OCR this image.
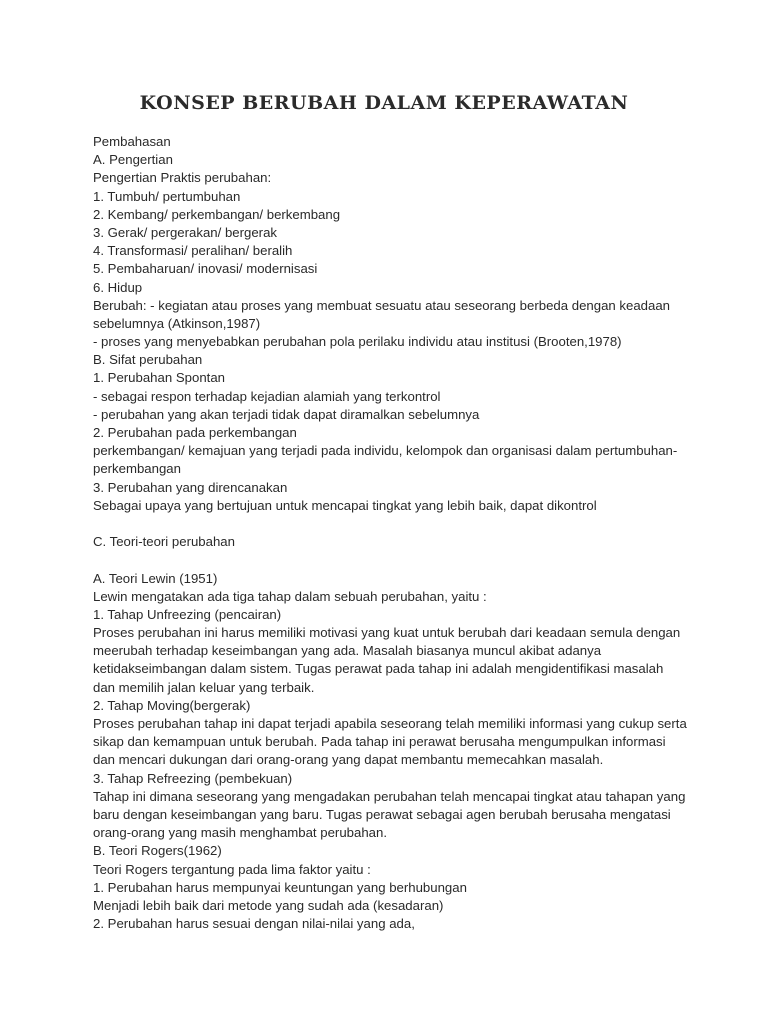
KONSEP BERUBAH DALAM KEPERAWATAN
Pembahasan
A. Pengertian
Pengertian Praktis perubahan:
1. Tumbuh/ pertumbuhan
2. Kembang/ perkembangan/ berkembang
3. Gerak/ pergerakan/ bergerak
4. Transformasi/ peralihan/ beralih
5. Pembaharuan/ inovasi/ modernisasi
6. Hidup
Berubah: - kegiatan atau proses yang membuat sesuatu atau seseorang berbeda dengan keadaan
sebelumnya (Atkinson,1987)
- proses yang menyebabkan perubahan pola perilaku individu atau institusi (Brooten,1978)
B. Sifat perubahan
1. Perubahan Spontan
- sebagai respon terhadap kejadian alamiah yang terkontrol
- perubahan yang akan terjadi tidak dapat diramalkan sebelumnya
2. Perubahan pada perkembangan
perkembangan/ kemajuan yang terjadi pada individu, kelompok dan organisasi dalam pertumbuhan-
perkembangan
3. Perubahan yang direncanakan
Sebagai upaya yang bertujuan untuk mencapai tingkat yang lebih baik, dapat dikontrol
C. Teori-teori perubahan
A. Teori Lewin (1951)
Lewin mengatakan ada tiga tahap dalam sebuah perubahan, yaitu :
1. Tahap Unfreezing (pencairan)
Proses perubahan ini harus memiliki motivasi yang kuat untuk berubah dari keadaan semula dengan
meerubah terhadap keseimbangan yang ada. Masalah biasanya muncul akibat adanya
ketidakseimbangan dalam sistem. Tugas perawat pada tahap ini adalah mengidentifikasi masalah
dan memilih jalan keluar yang terbaik.
2. Tahap Moving(bergerak)
Proses perubahan tahap ini dapat terjadi apabila seseorang telah memiliki informasi yang cukup serta
sikap dan kemampuan untuk berubah. Pada tahap ini perawat berusaha mengumpulkan informasi
dan mencari dukungan dari orang-orang yang dapat membantu memecahkan masalah.
3. Tahap Refreezing (pembekuan)
Tahap ini dimana seseorang yang mengadakan perubahan telah mencapai tingkat atau tahapan yang
baru dengan keseimbangan yang baru. Tugas perawat sebagai agen berubah berusaha mengatasi
orang-orang yang masih menghambat perubahan.
B. Teori Rogers(1962)
Teori Rogers tergantung pada lima faktor yaitu :
1. Perubahan harus mempunyai keuntungan yang berhubungan
Menjadi lebih baik dari metode yang sudah ada (kesadaran)
2. Perubahan harus sesuai dengan nilai-nilai yang ada,
